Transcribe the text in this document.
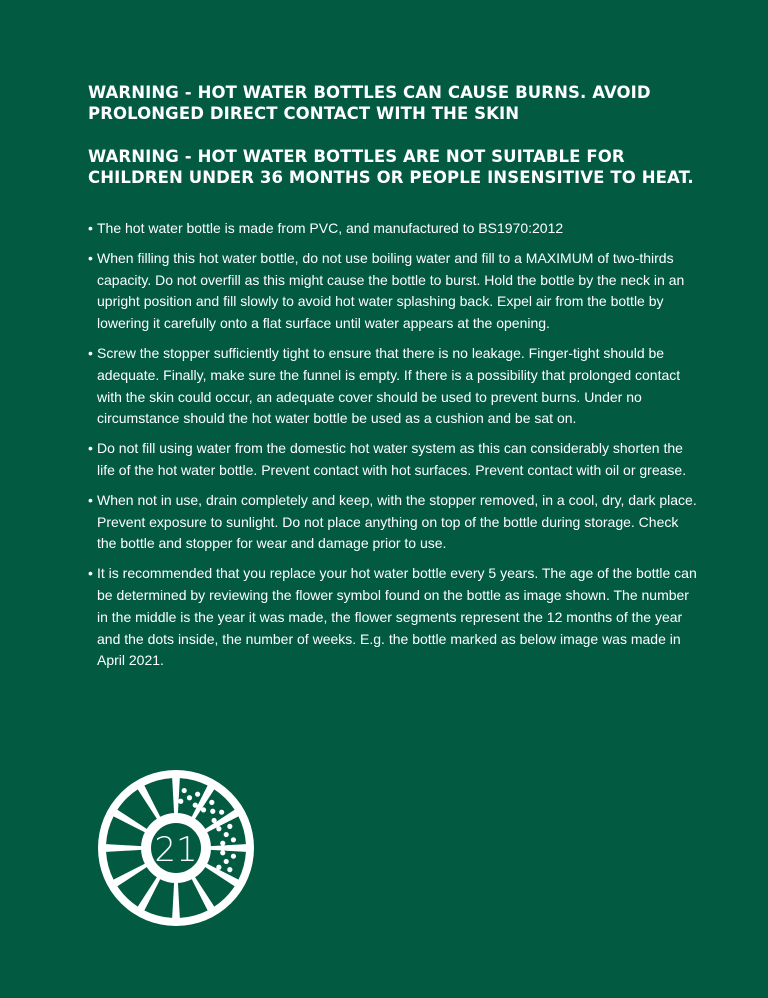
WARNING - HOT WATER BOTTLES CAN CAUSE BURNS. AVOID PROLONGED DIRECT CONTACT WITH THE SKIN

WARNING - HOT WATER BOTTLES ARE NOT SUITABLE FOR CHILDREN UNDER 36 MONTHS OR PEOPLE INSENSITIVE TO HEAT.

• The hot water bottle is made from PVC, and manufactured to BS1970:2012
• When filling this hot water bottle, do not use boiling water and fill to a MAXIMUM of two-thirds capacity. Do not overfill as this might cause the bottle to burst. Hold the bottle by the neck in an upright position and fill slowly to avoid hot water splashing back. Expel air from the bottle by lowering it carefully onto a flat surface until water appears at the opening.
• Screw the stopper sufficiently tight to ensure that there is no leakage. Finger-tight should be adequate. Finally, make sure the funnel is empty. If there is a possibility that prolonged contact with the skin could occur, an adequate cover should be used to prevent burns. Under no circumstance should the hot water bottle be used as a cushion and be sat on.
• Do not fill using water from the domestic hot water system as this can considerably shorten the life of the hot water bottle. Prevent contact with hot surfaces. Prevent contact with oil or grease.
• When not in use, drain completely and keep, with the stopper removed, in a cool, dry, dark place. Prevent exposure to sunlight. Do not place anything on top of the bottle during storage. Check the bottle and stopper for wear and damage prior to use.
• It is recommended that you replace your hot water bottle every 5 years. The age of the bottle can be determined by reviewing the flower symbol found on the bottle as image shown. The number in the middle is the year it was made, the flower segments represent the 12 months of the year and the dots inside, the number of weeks. E.g. the bottle marked as below image was made in April 2021.
21
